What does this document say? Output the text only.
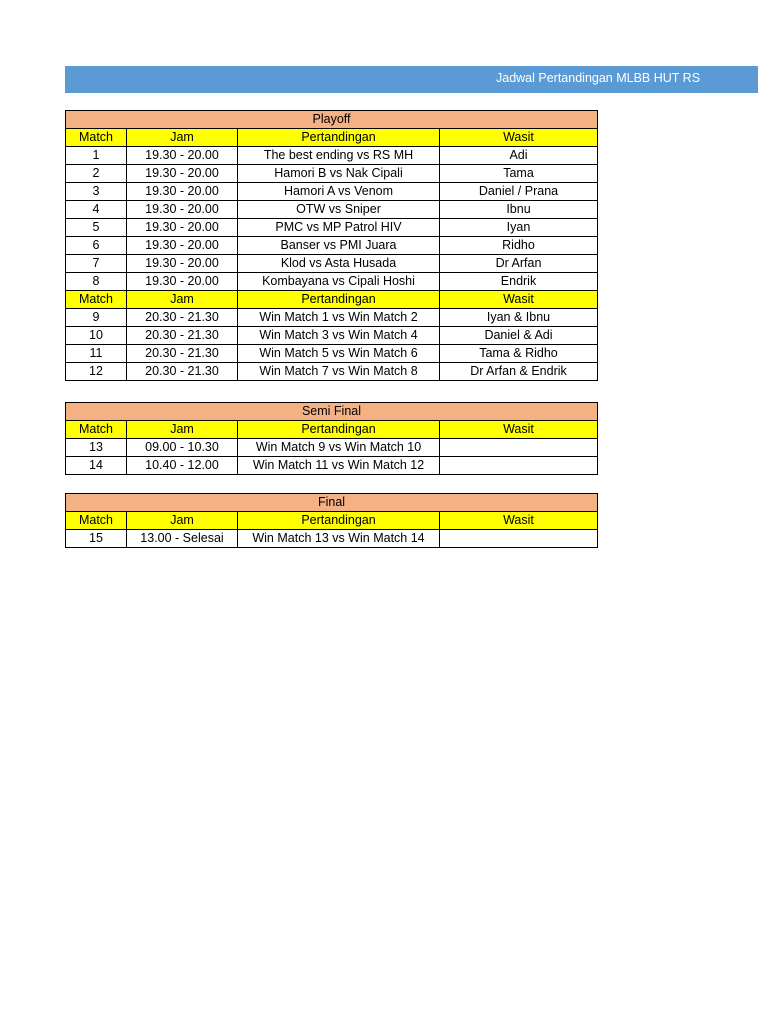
Jadwal Pertandingan MLBB HUT RS
Playoff			
Match	Jam	Pertandingan	Wasit
1	19.30 - 20.00	The best ending vs RS MH	Adi
2	19.30 - 20.00	Hamori B vs Nak Cipali	Tama
3	19.30 - 20.00	Hamori A vs Venom	Daniel / Prana
4	19.30 - 20.00	OTW vs Sniper	Ibnu
5	19.30 - 20.00	PMC vs MP Patrol HIV	Iyan
6	19.30 - 20.00	Banser vs PMI Juara	Ridho
7	19.30 - 20.00	Klod vs Asta Husada	Dr Arfan
8	19.30 - 20.00	Kombayana vs Cipali Hoshi	Endrik
Match	Jam	Pertandingan	Wasit
9	20.30 - 21.30	Win Match 1 vs Win Match 2	Iyan & Ibnu
10	20.30 - 21.30	Win Match 3 vs Win Match 4	Daniel & Adi
11	20.30 - 21.30	Win Match 5 vs Win Match 6	Tama & Ridho
12	20.30 - 21.30	Win Match 7 vs Win Match 8	Dr Arfan & Endrik
Semi Final			
Match	Jam	Pertandingan	Wasit
13	09.00 - 10.30	Win Match 9 vs Win Match 10	
14	10.40 - 12.00	Win Match 11 vs Win Match 12	
Final			
Match	Jam	Pertandingan	Wasit
15	13.00 - Selesai	Win Match 13 vs Win Match 14	
